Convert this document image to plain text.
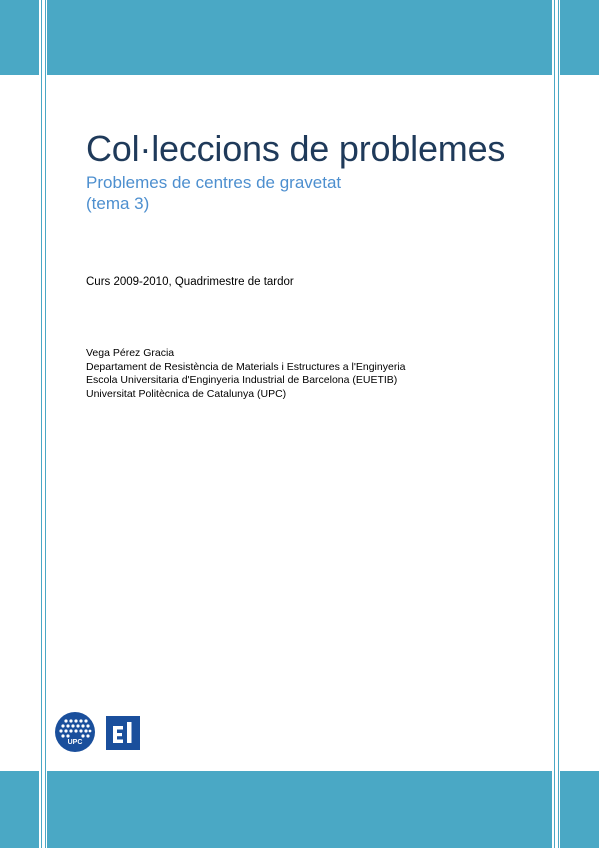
Col·leccions de problemes
Problemes de centres de gravetat
(tema 3)
Curs 2009-2010, Quadrimestre de tardor
Vega Pérez Gracia
Departament de Resistència de Materials i Estructures a l'Enginyeria
Escola Universitaria d'Enginyeria Industrial de Barcelona (EUETIB)
Universitat Politècnica de Catalunya (UPC)
UPC
